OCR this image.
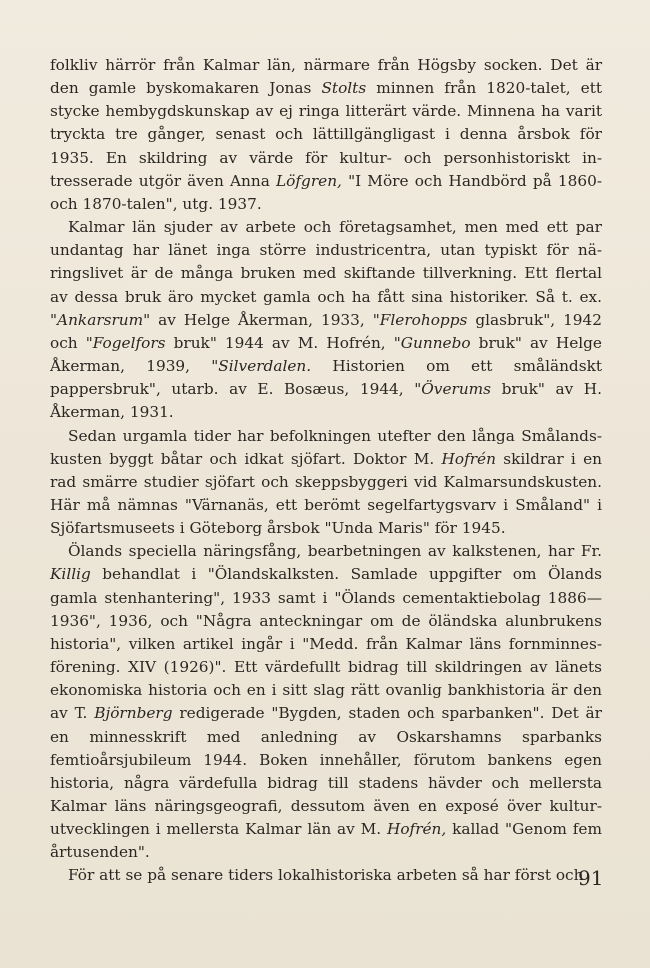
folkliv härrör från Kalmar län, närmare från Högsby socken. Det är den gamle byskomakaren Jonas Stolts minnen från 1820-talet, ett stycke hembygdskunskap av ej ringa litterärt värde. Minnena ha varit tryckta tre gånger, senast och lättillgängligast i denna årsbok för 1935. En skildring av värde för kultur- och personhistoriskt intresserade utgör även Anna Löfgren, "I Möre och Handbörd på 1860-och 1870-talen", utg. 1937.

Kalmar län sjuder av arbete och företagsamhet, men med ett par undantag har länet inga större industricentra, utan typiskt för näringslivet är de många bruken med skiftande tillverkning. Ett flertal av dessa bruk äro mycket gamla och ha fått sina historiker. Så t. ex. "Ankarsrum" av Helge Åkerman, 1933, "Flerohopps glasbruk", 1942 och "Fogelfors bruk" 1944 av M. Hofrén, "Gunnebo bruk" av Helge Åkerman, 1939, "Silverdalen. Historien om ett småländskt pappersbruk", utarb. av E. Bosæus, 1944, "Överums bruk" av H. Åkerman, 1931.

Sedan urgamla tider har befolkningen utefter den långa Smålandskusten byggt båtar och idkat sjöfart. Doktor M. Hofrén skildrar i en rad smärre studier sjöfart och skeppsbyggeri vid Kalmarsundskusten. Här må nämnas "Värnanäs, ett berömt segelfartygsvarv i Småland" i Sjöfartsmuseets i Göteborg årsbok "Unda Maris" för 1945.

Ölands speciella näringsfång, bearbetningen av kalkstenen, har Fr. Killig behandlat i "Ölandskalksten. Samlade uppgifter om Ölands gamla stenhantering", 1933 samt i "Ölands cementaktiebolag 1886—1936", 1936, och "Några anteckningar om de öländska alunbrukens historia", vilken artikel ingår i "Medd. från Kalmar läns fornminnesförening. XIV (1926)". Ett värdefullt bidrag till skildringen av länets ekonomiska historia och en i sitt slag rätt ovanlig bankhistoria är den av T. Björnberg redigerade "Bygden, staden och sparbanken". Det är en minnesskrift med anledning av Oskarshamns sparbanks femtioårsjubileum 1944. Boken innehåller, förutom bankens egen historia, några värdefulla bidrag till stadens hävder och mellersta Kalmar läns näringsgeografi, dessutom även en exposé över kulturutvecklingen i mellersta Kalmar län av M. Hofrén, kallad "Genom fem årtusenden".

För att se på senare tiders lokalhistoriska arbeten så har först och

91
